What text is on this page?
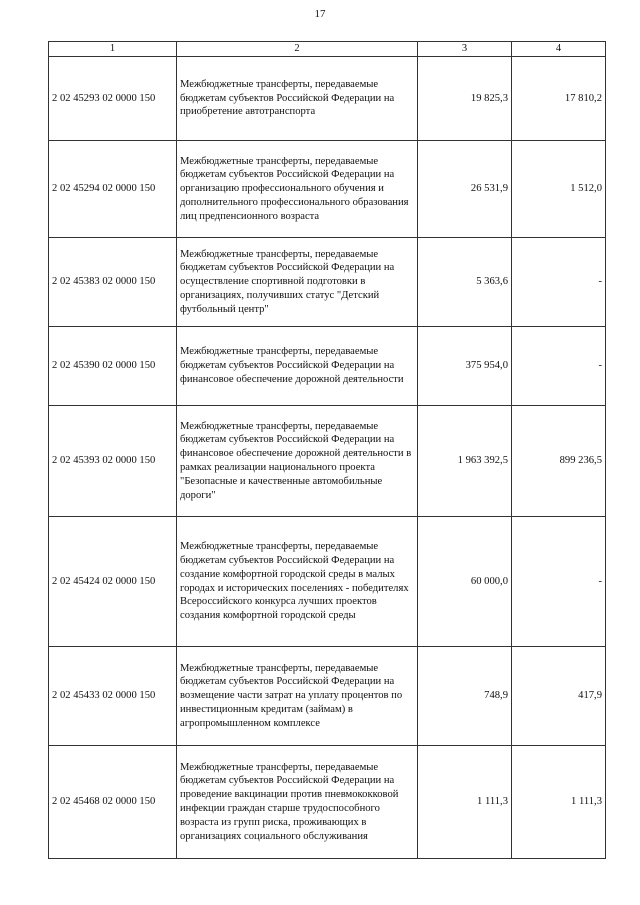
17
1	2	3	4
2 02 45293 02 0000 150	Межбюджетные трансферты, передаваемые бюджетам субъектов Российской Федерации на приобретение автотранспорта	19 825,3	17 810,2
2 02 45294 02 0000 150	Межбюджетные трансферты, передаваемые бюджетам субъектов Российской Федерации на организацию профессионального обучения и дополнительного профессионального образования лиц предпенсионного возраста	26 531,9	1 512,0
2 02 45383 02 0000 150	Межбюджетные трансферты, передаваемые бюджетам субъектов Российской Федерации на осуществление спортивной подготовки в организациях, получивших статус "Детский футбольный центр"	5 363,6	-
2 02 45390 02 0000 150	Межбюджетные трансферты, передаваемые бюджетам субъектов Российской Федерации на финансовое обеспечение дорожной деятельности	375 954,0	-
2 02 45393 02 0000 150	Межбюджетные трансферты, передаваемые бюджетам субъектов Российской Федерации на финансовое обеспечение дорожной деятельности в рамках реализации национального проекта "Безопасные и качественные автомобильные дороги"	1 963 392,5	899 236,5
2 02 45424 02 0000 150	Межбюджетные трансферты, передаваемые бюджетам субъектов Российской Федерации на создание комфортной городской среды в малых городах и исторических поселениях - победителях Всероссийского конкурса лучших проектов создания комфортной городской среды	60 000,0	-
2 02 45433 02 0000 150	Межбюджетные трансферты, передаваемые бюджетам субъектов Российской Федерации на возмещение части затрат на уплату процентов по инвестиционным кредитам (займам) в агропромышленном комплексе	748,9	417,9
2 02 45468 02 0000 150	Межбюджетные трансферты, передаваемые бюджетам субъектов Российской Федерации на проведение вакцинации против пневмококковой инфекции граждан старше трудоспособного возраста из групп риска, проживающих в организациях социального обслуживания	1 111,3	1 111,3
